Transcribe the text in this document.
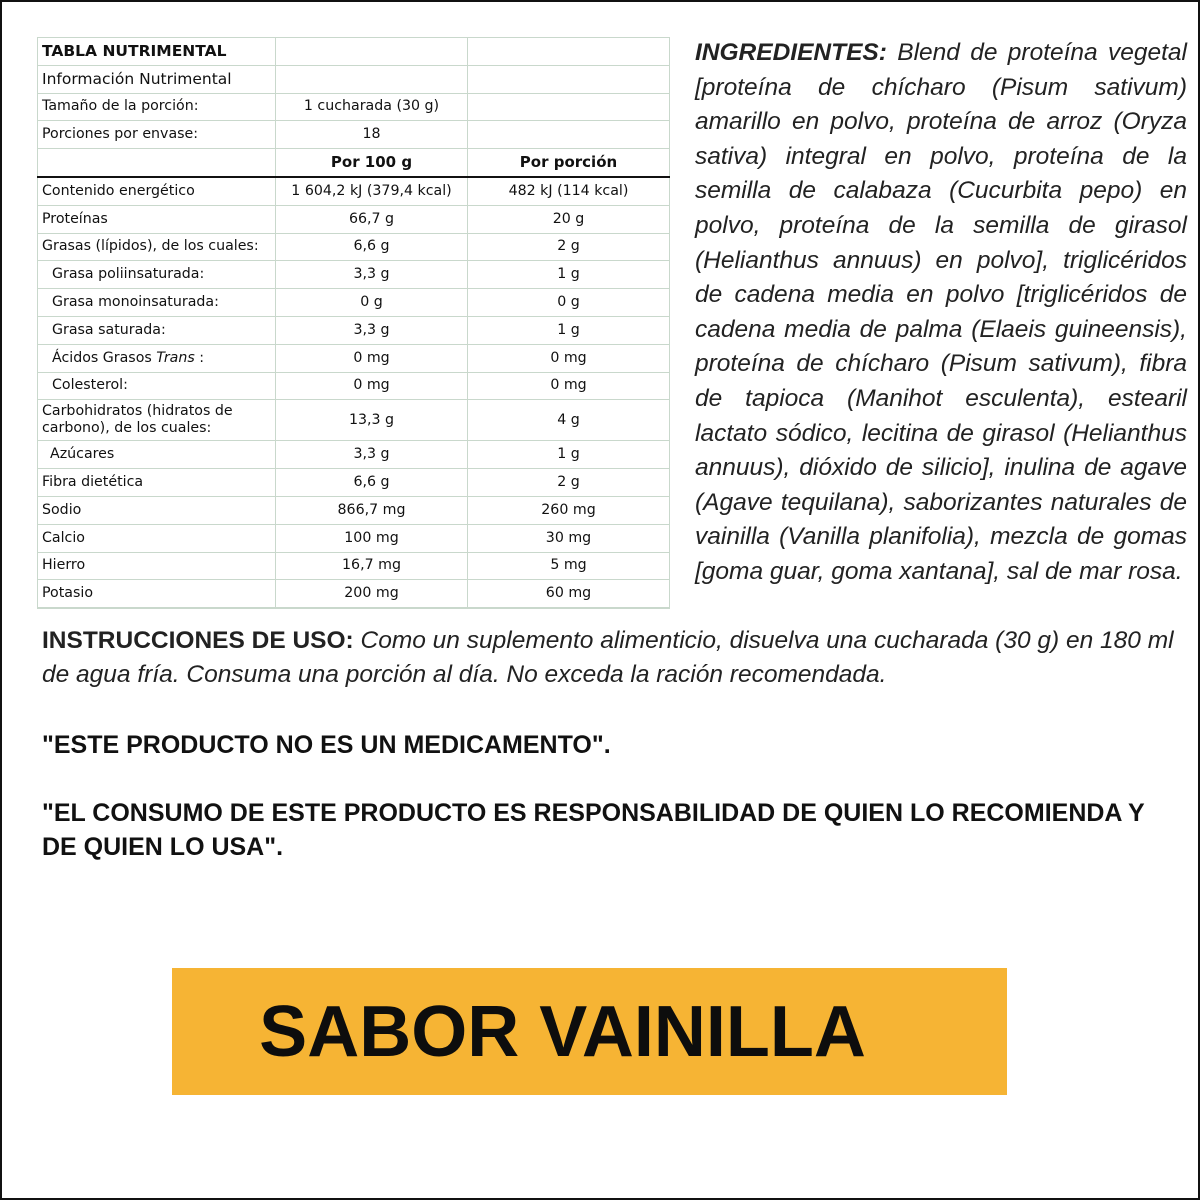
TABLA NUTRIMENTAL		
Información Nutrimental		
Tamaño de la porción:	1 cucharada (30 g)	
Porciones por envase:	18	
	Por 100 g	Por porción
Contenido energético	1 604,2 kJ (379,4 kcal)	482 kJ (114 kcal)
Proteínas	66,7 g	20 g
Grasas (lípidos), de los cuales:	6,6 g	2 g
Grasa poliinsaturada:	3,3 g	1 g
Grasa monoinsaturada:	0 g	0 g
Grasa saturada:	3,3 g	1 g
Ácidos Grasos Trans :	0 mg	0 mg
Colesterol:	0 mg	0 mg
Carbohidratos (hidratos de carbono), de los cuales:	13,3 g	4 g
Azúcares	3,3 g	1 g
Fibra dietética	6,6 g	2 g
Sodio	866,7 mg	260 mg
Calcio	100 mg	30 mg
Hierro	16,7 mg	5 mg
Potasio	200 mg	60 mg
INGREDIENTES: Blend de proteína vegetal [proteína de chícharo (Pisum sativum) amarillo en polvo, proteína de arroz (Oryza sativa) integral en polvo, proteína de la semilla de calabaza (Cucurbita pepo) en polvo, proteína de la semilla de girasol (Helianthus annuus) en polvo], triglicéridos de cadena media en polvo [triglicéridos de cadena media de palma (Elaeis guineensis), proteína de chícharo (Pisum sativum), fibra de tapioca (Manihot esculenta), estearil lactato sódico, lecitina de girasol (Helianthus annuus), dióxido de silicio], inulina de agave (Agave tequilana), saborizantes naturales de vainilla (Vanilla planifolia), mezcla de gomas [goma guar, goma xantana], sal de mar rosa.
INSTRUCCIONES DE USO: Como un suplemento alimenticio, disuelva una cucharada (30 g) en 180 ml de agua fría. Consuma una porción al día. No exceda la ración recomendada.
"ESTE PRODUCTO NO ES UN MEDICAMENTO".
"EL CONSUMO DE ESTE PRODUCTO ES RESPONSABILIDAD DE QUIEN LO RECOMIENDA Y DE QUIEN LO USA".
SABOR VAINILLA
